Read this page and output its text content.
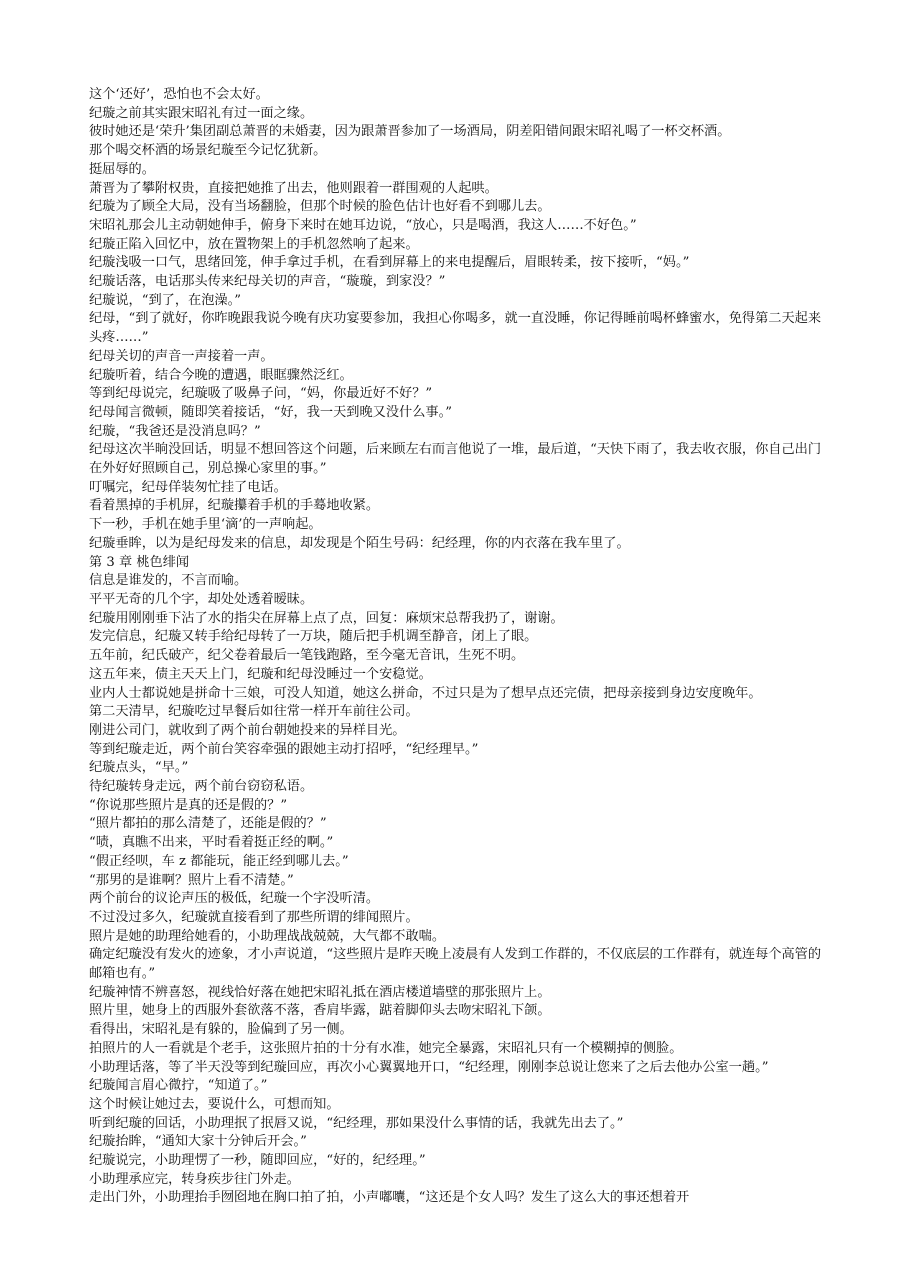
这个‘还好’，恐怕也不会太好。

纪璇之前其实跟宋昭礼有过一面之缘。

彼时她还是‘荣升’集团副总萧晋的未婚妻，因为跟萧晋参加了一场酒局，阴差阳错间跟宋昭礼喝了一杯交杯酒。

那个喝交杯酒的场景纪璇至今记忆犹新。

挺屈辱的。

萧晋为了攀附权贵，直接把她推了出去，他则跟着一群围观的人起哄。

纪璇为了顾全大局，没有当场翻脸，但那个时候的脸色估计也好看不到哪儿去。

宋昭礼那会儿主动朝她伸手，俯身下来时在她耳边说，“放心，只是喝酒，我这人……不好色。”

纪璇正陷入回忆中，放在置物架上的手机忽然响了起来。

纪璇浅吸一口气，思绪回笼，伸手拿过手机，在看到屏幕上的来电提醒后，眉眼转柔，按下接听，“妈。”

纪璇话落，电话那头传来纪母关切的声音，“璇璇，到家没？”

纪璇说，“到了，在泡澡。”

纪母，“到了就好，你昨晚跟我说今晚有庆功宴要参加，我担心你喝多，就一直没睡，你记得睡前喝杯蜂蜜水，免得第二天起来头疼……”

纪母关切的声音一声接着一声。

纪璇听着，结合今晚的遭遇，眼眶骤然泛红。

等到纪母说完，纪璇吸了吸鼻子问，“妈，你最近好不好？”

纪母闻言微顿，随即笑着接话，“好，我一天到晚又没什么事。”

纪璇，“我爸还是没消息吗？”

纪母这次半晌没回话，明显不想回答这个问题，后来顾左右而言他说了一堆，最后道，“天快下雨了，我去收衣服，你自己出门在外好好照顾自己，别总操心家里的事。”

叮嘱完，纪母佯装匆忙挂了电话。

看着黑掉的手机屏，纪璇攥着手机的手蓦地收紧。

下一秒，手机在她手里‘滴’的一声响起。

纪璇垂眸，以为是纪母发来的信息，却发现是个陌生号码：纪经理，你的内衣落在我车里了。

第 3 章 桃色绯闻

信息是谁发的，不言而喻。

平平无奇的几个字，却处处透着暧昧。

纪璇用刚刚垂下沾了水的指尖在屏幕上点了点，回复：麻烦宋总帮我扔了，谢谢。

发完信息，纪璇又转手给纪母转了一万块，随后把手机调至静音，闭上了眼。

五年前，纪氏破产，纪父卷着最后一笔钱跑路，至今毫无音讯，生死不明。

这五年来，债主天天上门，纪璇和纪母没睡过一个安稳觉。

业内人士都说她是拼命十三娘，可没人知道，她这么拼命，不过只是为了想早点还完债，把母亲接到身边安度晚年。

第二天清早，纪璇吃过早餐后如往常一样开车前往公司。

刚进公司门，就收到了两个前台朝她投来的异样目光。

等到纪璇走近，两个前台笑容牵强的跟她主动打招呼，“纪经理早。”

纪璇点头，“早。”

待纪璇转身走远，两个前台窃窃私语。

“你说那些照片是真的还是假的？”

“照片都拍的那么清楚了，还能是假的？”

“啧，真瞧不出来，平时看着挺正经的啊。”

“假正经呗，车 z 都能玩，能正经到哪儿去。”

“那男的是谁啊？照片上看不清楚。”

两个前台的议论声压的极低，纪璇一个字没听清。

不过没过多久，纪璇就直接看到了那些所谓的绯闻照片。

照片是她的助理给她看的，小助理战战兢兢，大气都不敢喘。

确定纪璇没有发火的迹象，才小声说道，“这些照片是昨天晚上凌晨有人发到工作群的，不仅底层的工作群有，就连每个高管的邮箱也有。”

纪璇神情不辨喜怒，视线恰好落在她把宋昭礼抵在酒店楼道墙壁的那张照片上。

照片里，她身上的西服外套欲落不落，香肩毕露，踮着脚仰头去吻宋昭礼下颌。

看得出，宋昭礼是有躲的，脸偏到了另一侧。

拍照片的人一看就是个老手，这张照片拍的十分有水准，她完全暴露，宋昭礼只有一个模糊掉的侧脸。

小助理话落，等了半天没等到纪璇回应，再次小心翼翼地开口，“纪经理，刚刚李总说让您来了之后去他办公室一趟。”

纪璇闻言眉心微拧，“知道了。”

这个时候让她过去，要说什么，可想而知。

听到纪璇的回话，小助理抿了抿唇又说，“纪经理，那如果没什么事情的话，我就先出去了。”

纪璇抬眸，“通知大家十分钟后开会。”

纪璇说完，小助理愣了一秒，随即回应，“好的，纪经理。”

小助理承应完，转身疾步往门外走。

走出门外，小助理抬手囫囵地在胸口拍了拍，小声嘟囔，“这还是个女人吗？发生了这么大的事还想着开
